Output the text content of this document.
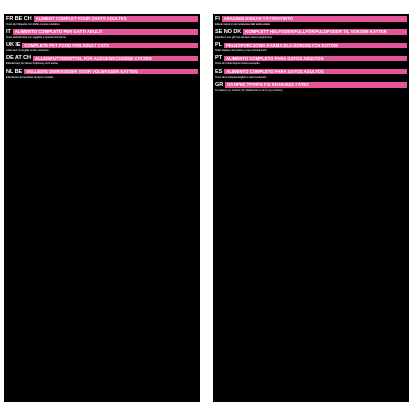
FR BE CH ALIMENT COMPLET POUR CHATS ADULTES
Texte de l'étiquette non lisible à cette résolution.
IT ALIMENTO COMPLETO PER GATTI ADULTI
Testo dell'etichetta non leggibile a questa risoluzione.
UK IE COMPLETE PET FOOD FOR ADULT CATS
Label text not legible at this resolution.
DE AT CH ALLEINFUTTERMITTEL FÜR AUSGEWACHSENE KATZEN
Etikettentext bei dieser Auflösung nicht lesbar.
NL BE VOLLEDIG DIERVOEDER VOOR VOLWASSEN KATTEN
Etikettekst niet leesbaar bij deze resolutie.
FI AIKUISEN KISSAN TÄYSRAVINTO
Etiketin teksti ei ole luettavissa tällä tarkkuudella.
SE NO DK KOMPLETT HELFODER/FULLFÔR/FULDFODER TIL VOKSNE KATTER
Etikettens text går inte att läsa i denna upplösning.
PL PEŁNOPORCJOWA KARMA DLA DOROSŁYCH KOTÓW
Tekst etykiety nieczytelny w tej rozdzielczości.
PT ALIMENTO COMPLETO PARA GATOS ADULTOS
Texto do rótulo ilegível nesta resolução.
ES ALIMENTO COMPLETO PARA GATOS ADULTOS
Texto de la etiqueta ilegible a esta resolución.
GR ΠΛΉΡΗΣ ΤΡΟΦΉ ΓΙΑ ΕΝΉΛΙΚΕΣ ΓΆΤΕΣ
Το κείμενο της ετικέτας δεν διαβάζεται σε αυτή την ανάλυση.
